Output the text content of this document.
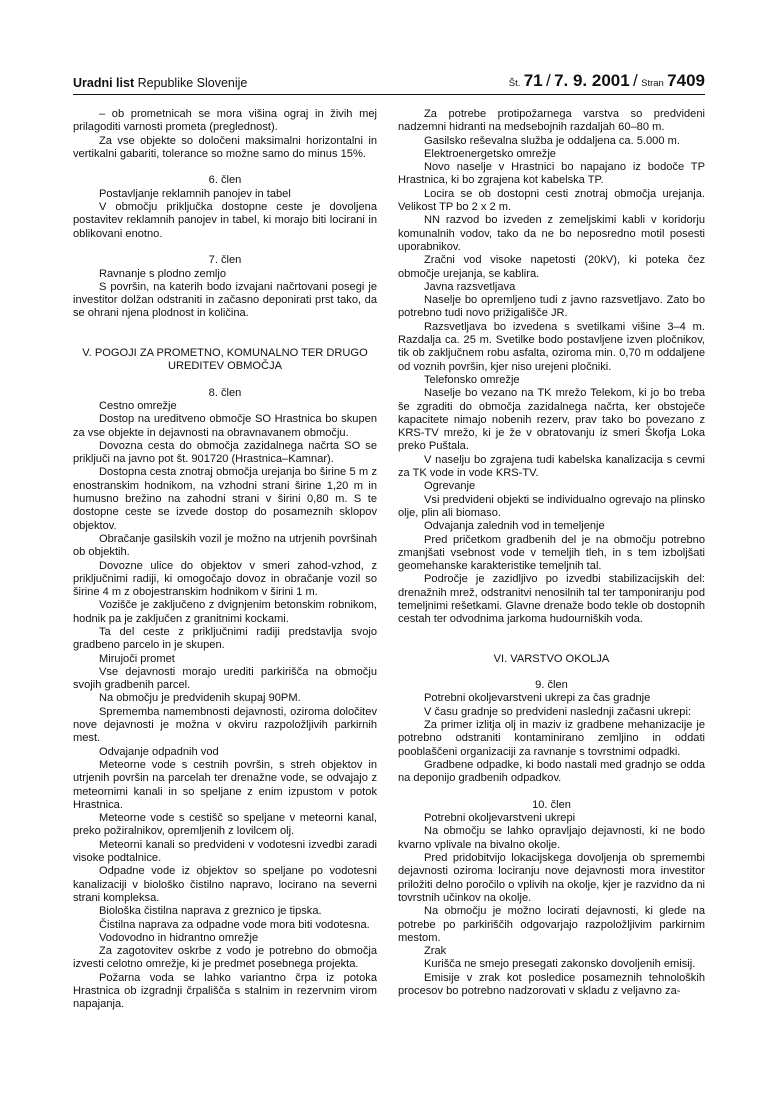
Uradni list Republike Slovenije	Št. 71 / 7. 9. 2001 / Stran 7409

– ob prometnicah se mora višina ograj in živih mej prilagoditi varnosti prometa (preglednost).

Za vse objekte so določeni maksimalni horizontalni in vertikalni gabariti, tolerance so možne samo do minus 15%.

6. člen

Postavljanje reklamnih panojev in tabel

V območju priključka dostopne ceste je dovoljena postavitev reklamnih panojev in tabel, ki morajo biti locirani in oblikovani enotno.

7. člen

Ravnanje s plodno zemljo

S površin, na katerih bodo izvajani načrtovani posegi je investitor dolžan odstraniti in začasno deponirati prst tako, da se ohrani njena plodnost in količina.

V. POGOJI ZA PROMETNO, KOMUNALNO TER DRUGO UREDITEV OBMOČJA

8. člen

Cestno omrežje

Dostop na ureditveno območje SO Hrastnica bo skupen za vse objekte in dejavnosti na obravnavanem območju.

Dovozna cesta do območja zazidalnega načrta SO se priključi na javno pot št. 901720 (Hrastnica–Kamnar).

Dostopna cesta znotraj območja urejanja bo širine 5 m z enostranskim hodnikom, na vzhodni strani širine 1,20 m in humusno brežino na zahodni strani v širini 0,80 m. S te dostopne ceste se izvede dostop do posameznih sklopov objektov.

Obračanje gasilskih vozil je možno na utrjenih površinah ob objektih.

Dovozne ulice do objektov v smeri zahod-vzhod, z priključnimi radiji, ki omogočajo dovoz in obračanje vozil so širine 4 m z obojestranskim hodnikom v širini 1 m.

Vozišče je zaključeno z dvignjenim betonskim robnikom, hodnik pa je zaključen z granitnimi kockami.

Ta del ceste z priključnimi radiji predstavlja svojo gradbeno parcelo in je skupen.

Mirujoči promet

Vse dejavnosti morajo urediti parkirišča na območju svojih gradbenih parcel.

Na območju je predvidenih skupaj 90PM.

Sprememba namembnosti dejavnosti, oziroma določitev nove dejavnosti je možna v okviru razpoložljivih parkirnih mest.

Odvajanje odpadnih vod

Meteorne vode s cestnih površin, s streh objektov in utrjenih površin na parcelah ter drenažne vode, se odvajajo z meteornimi kanali in so speljane z enim izpustom v potok Hrastnica.

Meteorne vode s cestišč so speljane v meteorni kanal, preko požiralnikov, opremljenih z lovilcem olj.

Meteorni kanali so predvideni v vodotesni izvedbi zaradi visoke podtalnice.

Odpadne vode iz objektov so speljane po vodotesni kanalizaciji v biološko čistilno napravo, locirano na severni strani kompleksa.

Biološka čistilna naprava z greznico je tipska.

Čistilna naprava za odpadne vode mora biti vodotesna.

Vodovodno in hidrantno omrežje

Za zagotovitev oskrbe z vodo je potrebno do območja izvesti celotno omrežje, ki je predmet posebnega projekta.

Požarna voda se lahko variantno črpa iz potoka Hrastnica ob izgradnji črpališča s stalnim in rezervnim virom napajanja.

Za potrebe protipožarnega varstva so predvideni nadzemni hidranti na medsebojnih razdaljah 60–80 m.

Gasilsko reševalna služba je oddaljena ca. 5.000 m.

Elektroenergetsko omrežje

Novo naselje v Hrastnici bo napajano iz bodoče TP Hrastnica, ki bo zgrajena kot kabelska TP.

Locira se ob dostopni cesti znotraj območja urejanja. Velikost TP bo 2 x 2 m.

NN razvod bo izveden z zemeljskimi kabli v koridorju komunalnih vodov, tako da ne bo neposredno motil posesti uporabnikov.

Zračni vod visoke napetosti (20kV), ki poteka čez območje urejanja, se kablira.

Javna razsvetljava

Naselje bo opremljeno tudi z javno razsvetljavo. Zato bo potrebno tudi novo prižigališče JR.

Razsvetljava bo izvedena s svetilkami višine 3–4 m. Razdalja ca. 25 m. Svetilke bodo postavljene izven pločnikov, tik ob zaključnem robu asfalta, oziroma min. 0,70 m oddaljene od voznih površin, kjer niso urejeni pločniki.

Telefonsko omrežje

Naselje bo vezano na TK mrežo Telekom, ki jo bo treba še zgraditi do območja zazidalnega načrta, ker obstoječe kapacitete nimajo nobenih rezerv, prav tako bo povezano z KRS-TV mrežo, ki je že v obratovanju iz smeri Škofja Loka preko Puštala.

V naselju bo zgrajena tudi kabelska kanalizacija s cevmi za TK vode in vode KRS-TV.

Ogrevanje

Vsi predvideni objekti se individualno ogrevajo na plinsko olje, plin ali biomaso.

Odvajanja zalednih vod in temeljenje

Pred pričetkom gradbenih del je na območju potrebno zmanjšati vsebnost vode v temeljih tleh, in s tem izboljšati geomehanske karakteristike temeljnih tal.

Področje je zazidljivo po izvedbi stabilizacijskih del: drenažnih mrež, odstranitvi nenosilnih tal ter tamponiranju pod temeljnimi rešetkami. Glavne drenaže bodo tekle ob dostopnih cestah ter odvodnima jarkoma hudourniških voda.

VI. VARSTVO OKOLJA

9. člen

Potrebni okoljevarstveni ukrepi za čas gradnje

V času gradnje so predvideni naslednji začasni ukrepi:

Za primer izlitja olj in maziv iz gradbene mehanizacije je potrebno odstraniti kontaminirano zemljino in oddati pooblaščeni organizaciji za ravnanje s tovrstnimi odpadki.

Gradbene odpadke, ki bodo nastali med gradnjo se odda na deponijo gradbenih odpadkov.

10. člen

Potrebni okoljevarstveni ukrepi

Na območju se lahko opravljajo dejavnosti, ki ne bodo kvarno vplivale na bivalno okolje.

Pred pridobitvijo lokacijskega dovoljenja ob spremembi dejavnosti oziroma lociranju nove dejavnosti mora investitor priložiti delno poročilo o vplivih na okolje, kjer je razvidno da ni tovrstnih učinkov na okolje.

Na območju je možno locirati dejavnosti, ki glede na potrebe po parkiriščih odgovarjajo razpoložljivim parkirnim mestom.

Zrak

Kurišča ne smejo presegati zakonsko dovoljenih emisij.

Emisije v zrak kot posledice posameznih tehnoloških procesov bo potrebno nadzorovati v skladu z veljavno za-
